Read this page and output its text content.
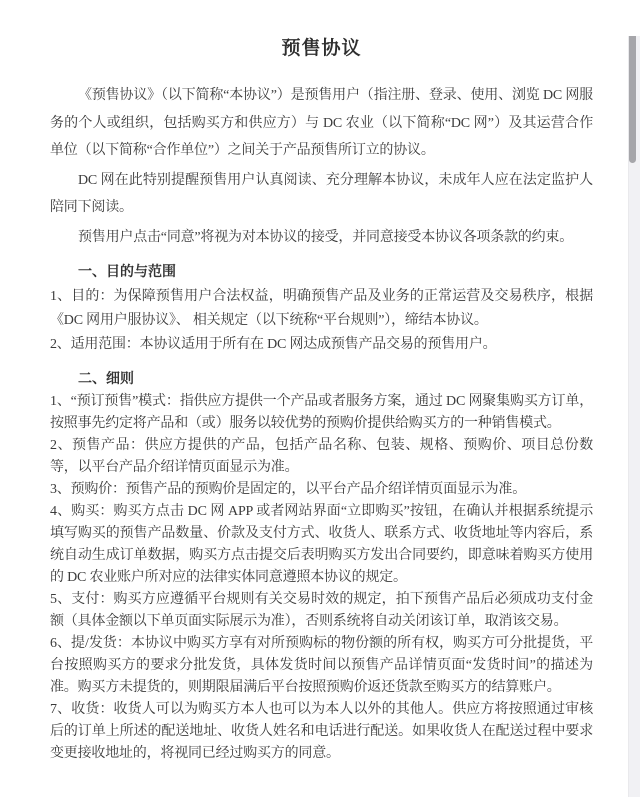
预售协议

《预售协议》（以下简称“本协议”）是预售用户（指注册、登录、使用、浏览 DC 网服务的个人或组织，包括购买方和供应方）与 DC 农业（以下简称“DC 网”）及其运营合作单位（以下简称“合作单位”）之间关于产品预售所订立的协议。

DC 网在此特别提醒预售用户认真阅读、充分理解本协议，未成年人应在法定监护人陪同下阅读。

预售用户点击“同意”将视为对本协议的接受，并同意接受本协议各项条款的约束。

一、目的与范围

1、目的：为保障预售用户合法权益，明确预售产品及业务的正常运营及交易秩序，根据《DC 网用户服协议》、 相关规定（以下统称“平台规则”），缔结本协议。

2、适用范围：本协议适用于所有在 DC 网达成预售产品交易的预售用户。

二、细则

1、“预订预售”模式：指供应方提供一个产品或者服务方案，通过 DC 网聚集购买方订单，按照事先约定将产品和（或）服务以较优势的预购价提供给购买方的一种销售模式。

2、预售产品：供应方提供的产品，包括产品名称、包装、规格、预购价、项目总份数等，以平台产品介绍详情页面显示为准。

3、预购价：预售产品的预购价是固定的，以平台产品介绍详情页面显示为准。

4、购买：购买方点击 DC 网 APP 或者网站界面“立即购买”按钮，在确认并根据系统提示填写购买的预售产品数量、价款及支付方式、收货人、联系方式、收货地址等内容后，系统自动生成订单数据，购买方点击提交后表明购买方发出合同要约，即意味着购买方使用的 DC 农业账户所对应的法律实体同意遵照本协议的规定。

5、支付：购买方应遵循平台规则有关交易时效的规定，拍下预售产品后必须成功支付金额（具体金额以下单页面实际展示为准），否则系统将自动关闭该订单，取消该交易。

6、提/发货：本协议中购买方享有对所预购标的物份额的所有权，购买方可分批提货，平台按照购买方的要求分批发货，具体发货时间以预售产品详情页面“发货时间”的描述为准。购买方未提货的，则期限届满后平台按照预购价返还货款至购买方的结算账户。

7、收货：收货人可以为购买方本人也可以为本人以外的其他人。供应方将按照通过审核后的订单上所述的配送地址、收货人姓名和电话进行配送。如果收货人在配送过程中要求变更接收地址的，将视同已经过购买方的同意。
